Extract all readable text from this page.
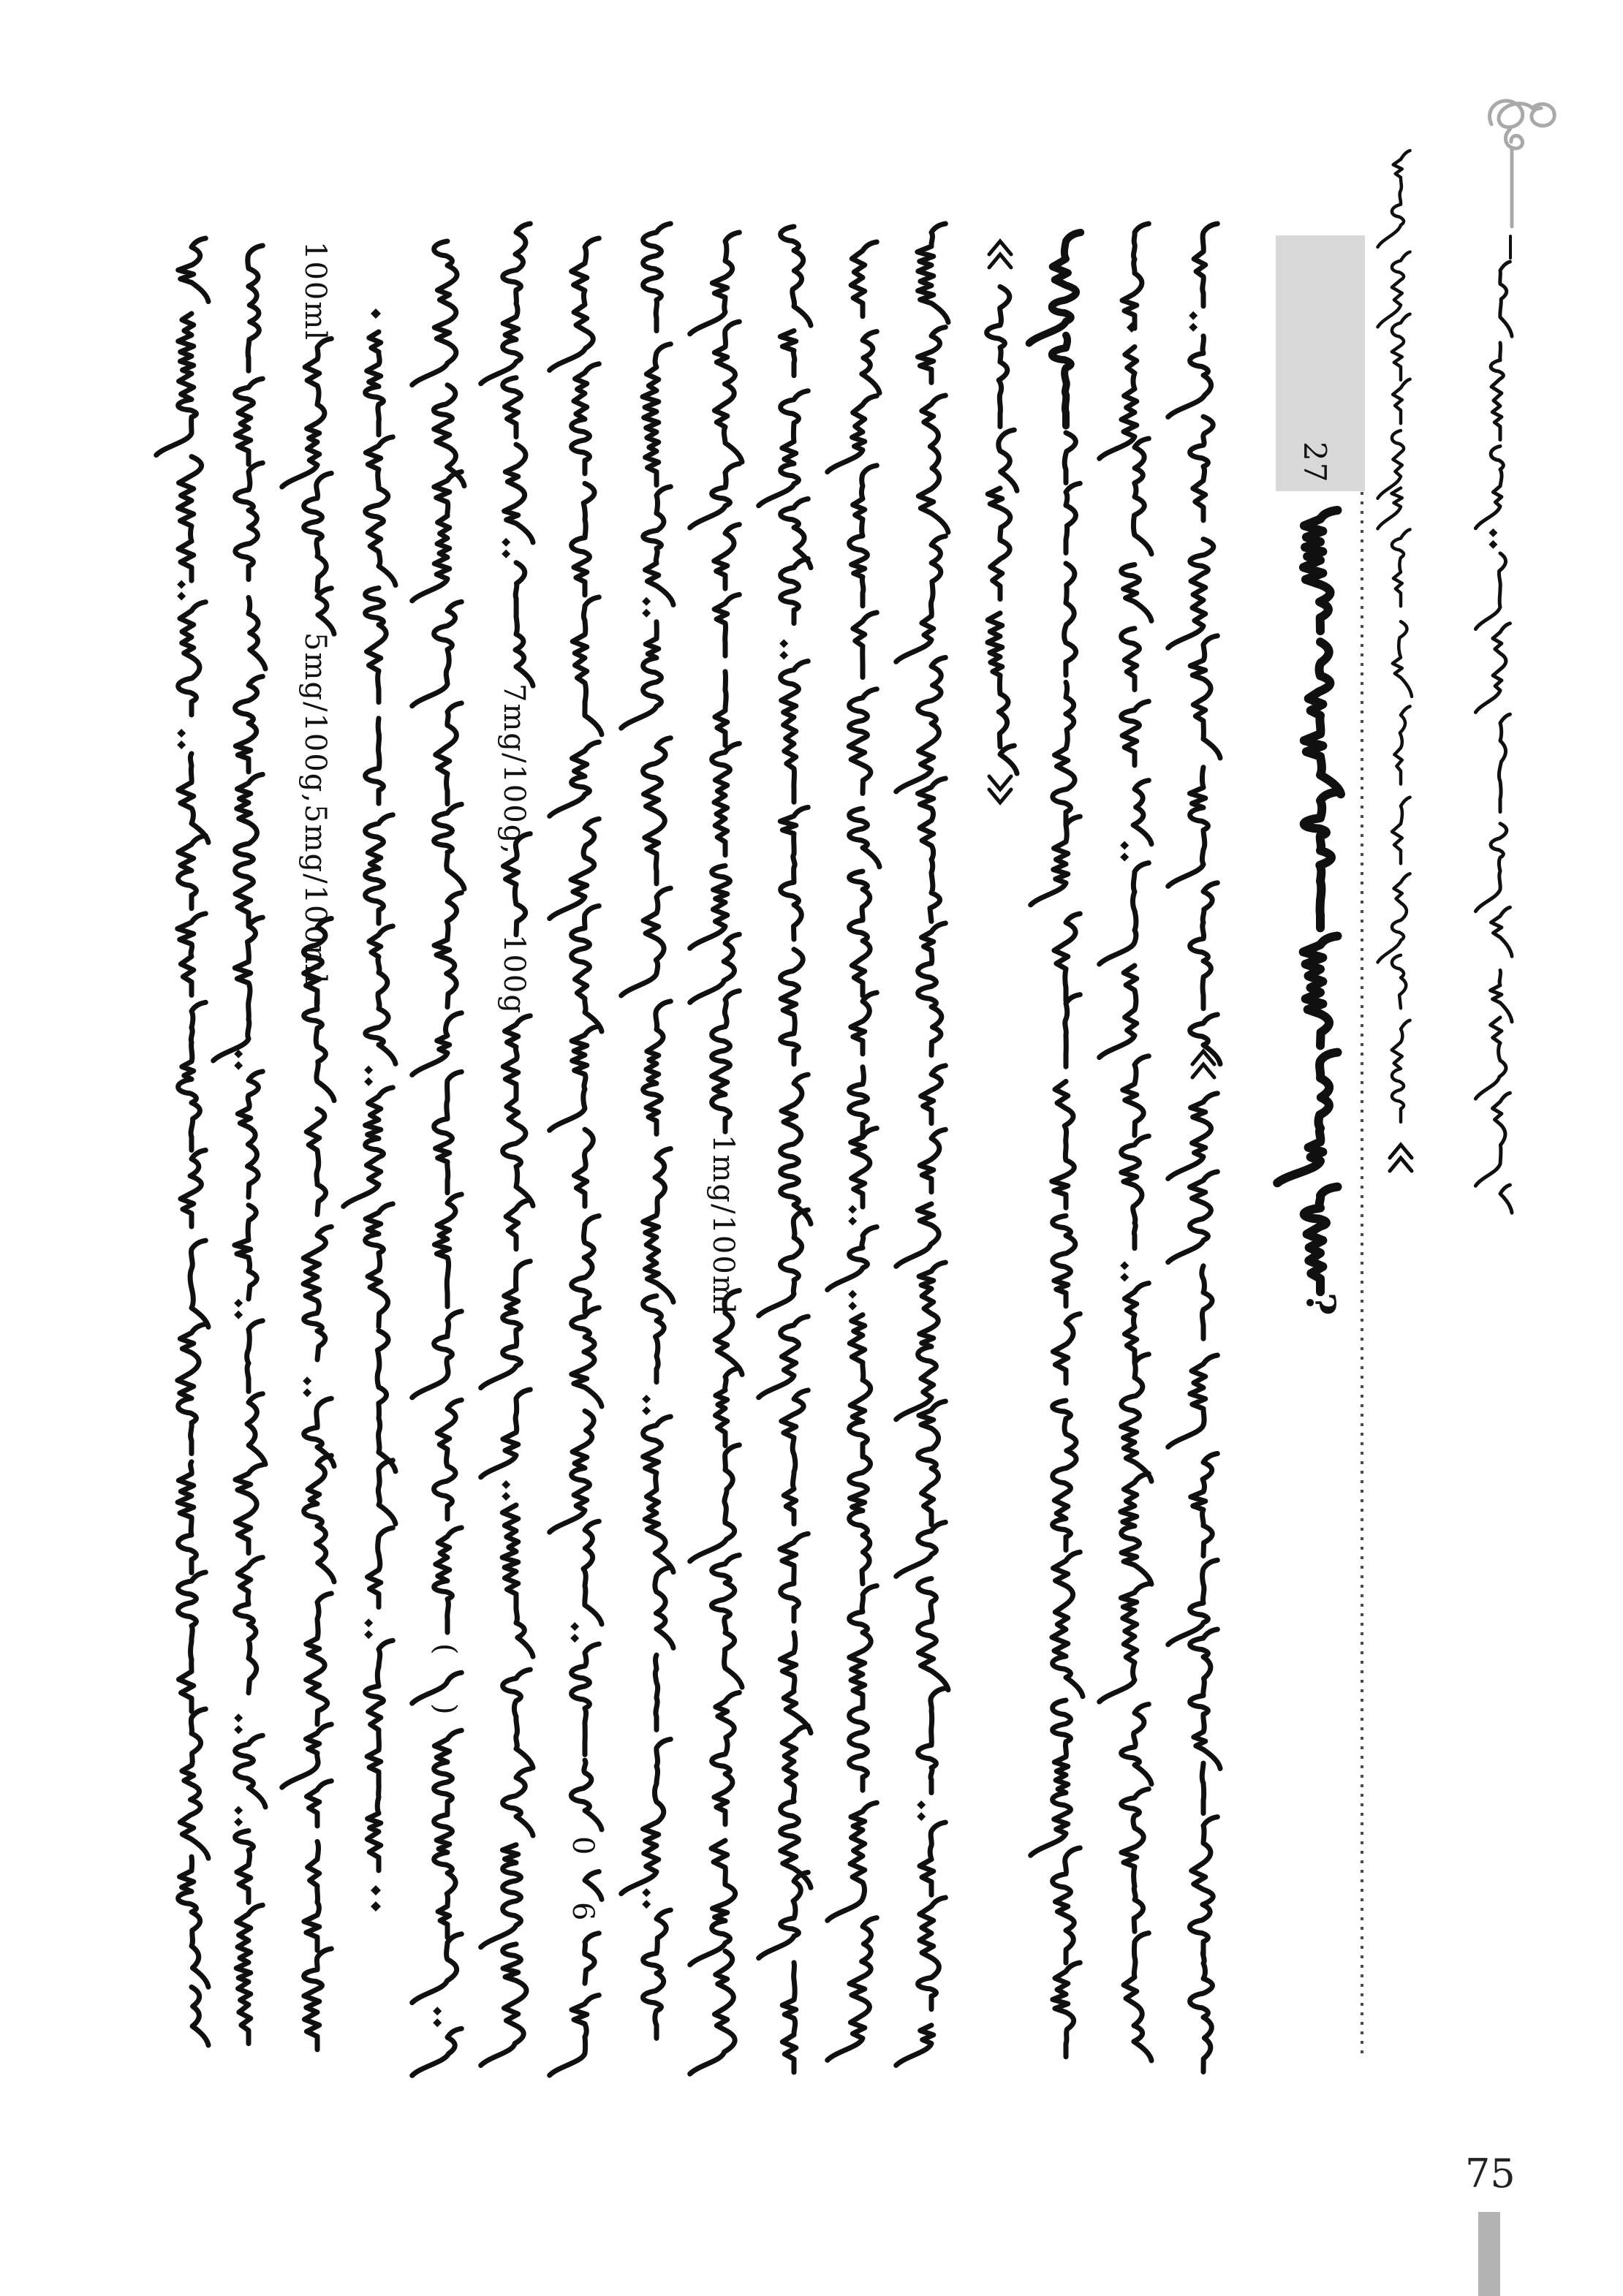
27
?
100ml
5mg/100g,5mg/100ml	7mg/100g,
100g
1mg/100ml
0
6
(
)
75
